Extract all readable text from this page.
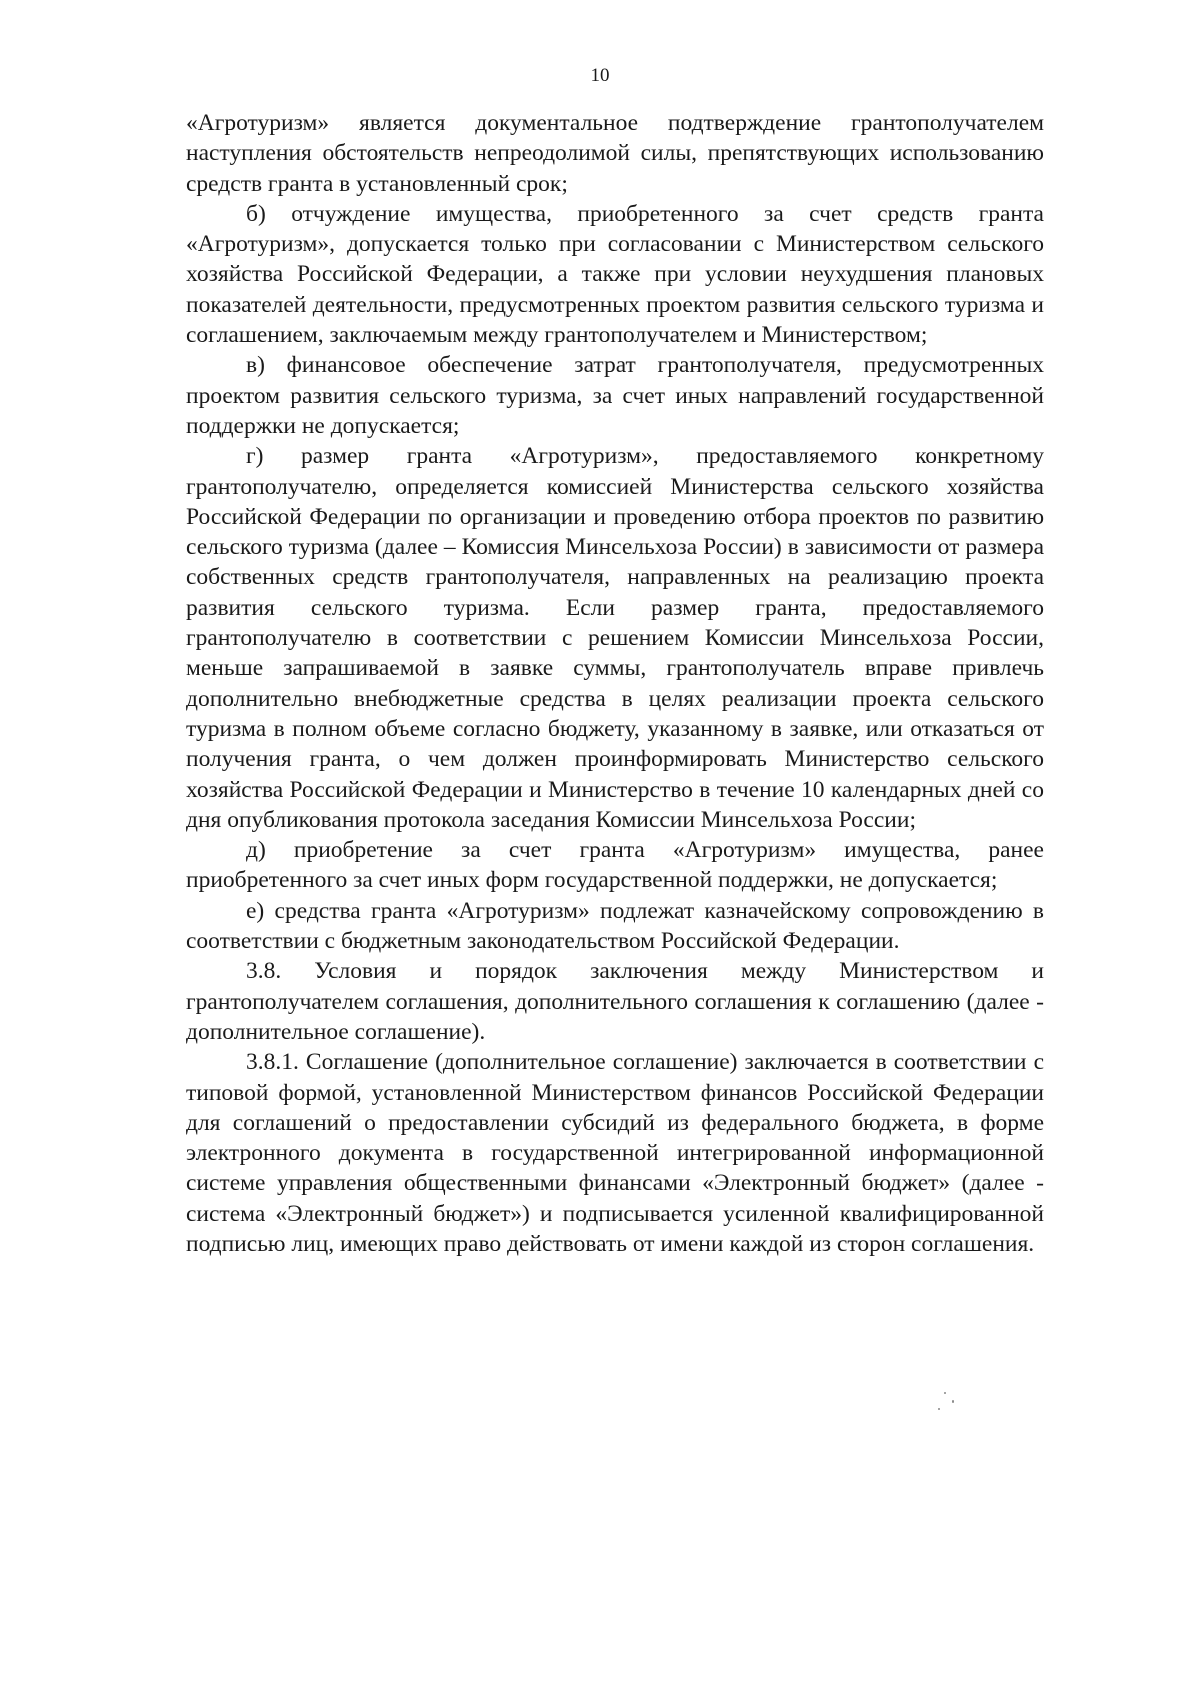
10

«Агротуризм» является документальное подтверждение грантополучателем наступления обстоятельств непреодолимой силы, препятствующих использованию средств гранта в установленный срок;

б) отчуждение имущества, приобретенного за счет средств гранта «Агротуризм», допускается только при согласовании с Министерством сельского хозяйства Российской Федерации, а также при условии неухудшения плановых показателей деятельности, предусмотренных проектом развития сельского туризма и соглашением, заключаемым между грантополучателем и Министерством;

в) финансовое обеспечение затрат грантополучателя, предусмотренных проектом развития сельского туризма, за счет иных направлений государственной поддержки не допускается;

г) размер гранта «Агротуризм», предоставляемого конкретному грантополучателю, определяется комиссией Министерства сельского хозяйства Российской Федерации по организации и проведению отбора проектов по развитию сельского туризма (далее – Комиссия Минсельхоза России) в зависимости от размера собственных средств грантополучателя, направленных на реализацию проекта развития сельского туризма. Если размер гранта, предоставляемого грантополучателю в соответствии с решением Комиссии Минсельхоза России, меньше запрашиваемой в заявке суммы, грантополучатель вправе привлечь дополнительно внебюджетные средства в целях реализации проекта сельского туризма в полном объеме согласно бюджету, указанному в заявке, или отказаться от получения гранта, о чем должен проинформировать Министерство сельского хозяйства Российской Федерации и Министерство в течение 10 календарных дней со дня опубликования протокола заседания Комиссии Минсельхоза России;

д) приобретение за счет гранта «Агротуризм» имущества, ранее приобретенного за счет иных форм государственной поддержки, не допускается;

е) средства гранта «Агротуризм» подлежат казначейскому сопровождению в соответствии с бюджетным законодательством Российской Федерации.

3.8. Условия и порядок заключения между Министерством и грантополучателем соглашения, дополнительного соглашения к соглашению (далее - дополнительное соглашение).

3.8.1. Соглашение (дополнительное соглашение) заключается в соответствии с типовой формой, установленной Министерством финансов Российской Федерации для соглашений о предоставлении субсидий из федерального бюджета, в форме электронного документа в государственной интегрированной информационной системе управления общественными финансами «Электронный бюджет» (далее - система «Электронный бюджет») и подписывается усиленной квалифицированной подписью лиц, имеющих право действовать от имени каждой из сторон соглашения.
